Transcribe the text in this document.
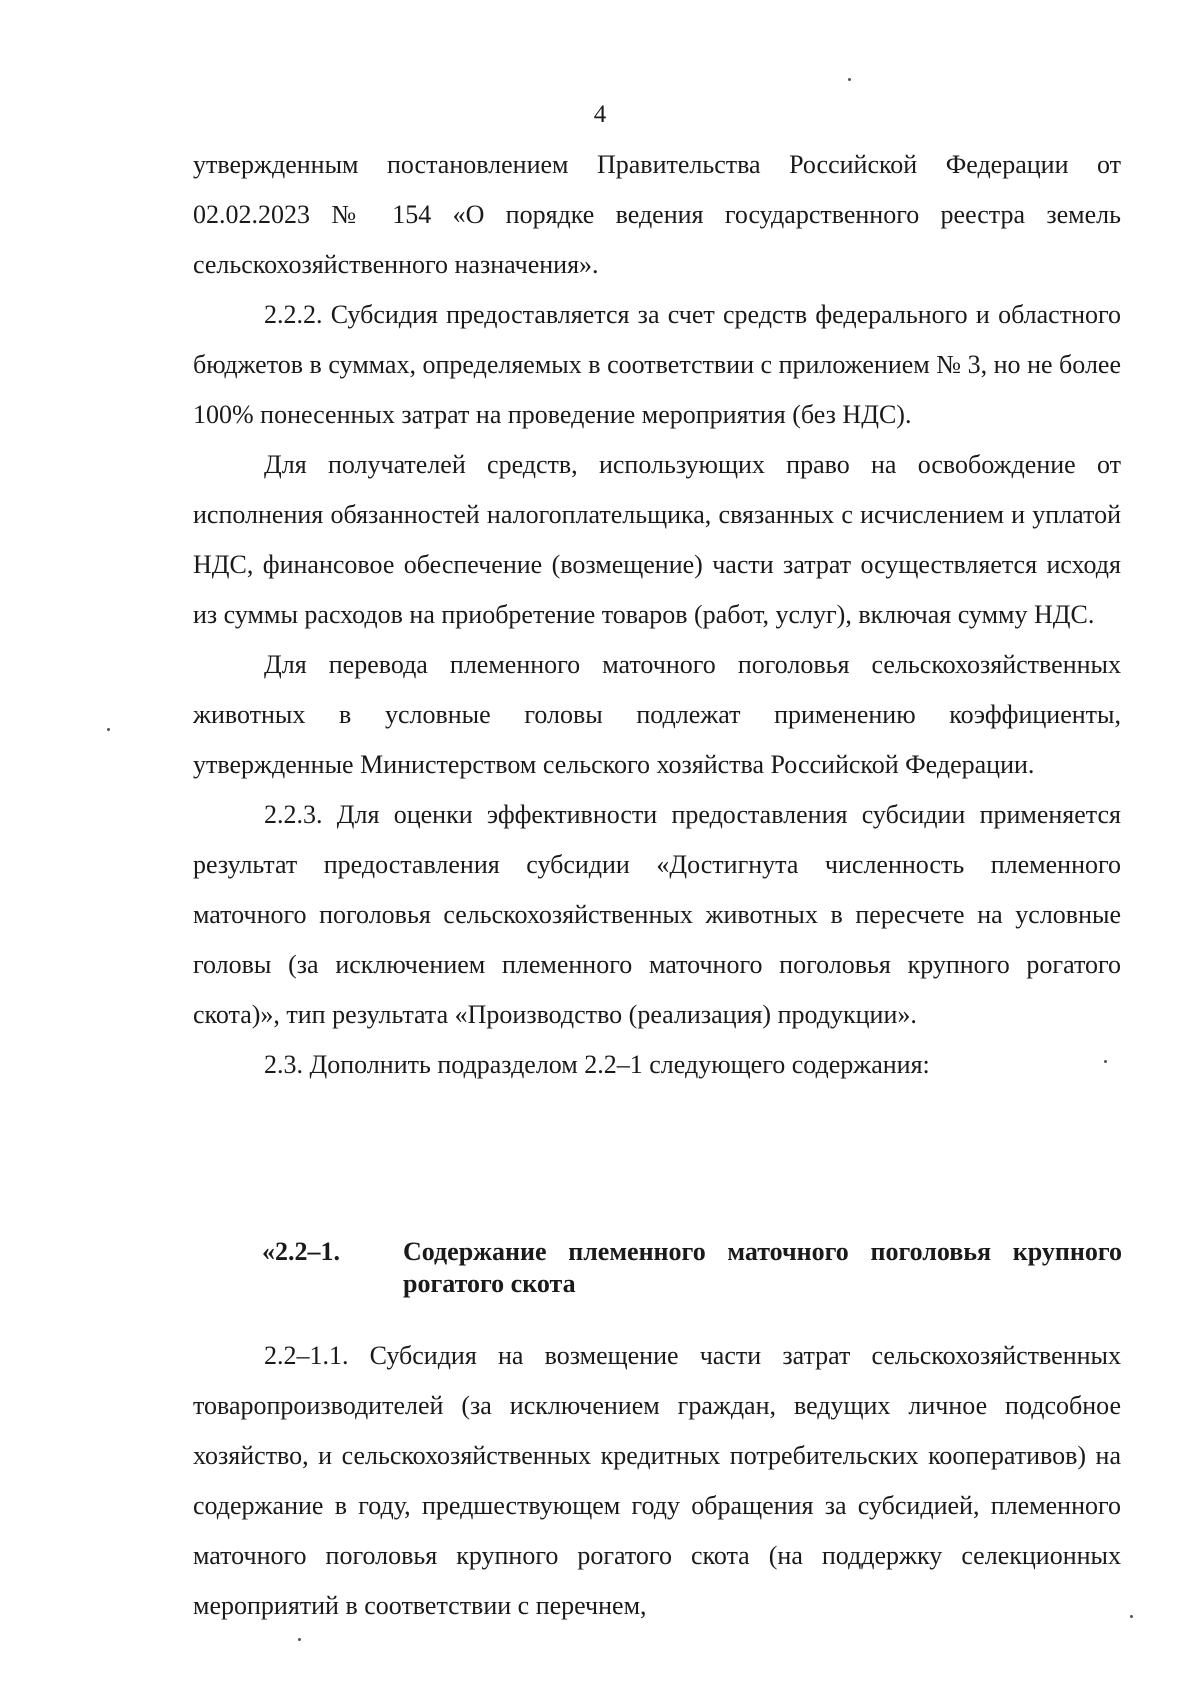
4

утвержденным постановлением Правительства Российской Федерации от 02.02.2023 № 154 «О порядке ведения государственного реестра земель сельскохозяйственного назначения».

2.2.2. Субсидия предоставляется за счет средств федерального и областного бюджетов в суммах, определяемых в соответствии с приложением № 3, но не более 100% понесенных затрат на проведение мероприятия (без НДС).

Для получателей средств, использующих право на освобождение от исполнения обязанностей налогоплательщика, связанных с исчислением и уплатой НДС, финансовое обеспечение (возмещение) части затрат осуществляется исходя из суммы расходов на приобретение товаров (работ, услуг), включая сумму НДС.

Для перевода племенного маточного поголовья сельскохозяйственных животных в условные головы подлежат применению коэффициенты, утвержденные Министерством сельского хозяйства Российской Федерации.

2.2.3. Для оценки эффективности предоставления субсидии применяется результат предоставления субсидии «Достигнута численность племенного маточного поголовья сельскохозяйственных животных в пересчете на условные головы (за исключением племенного маточного поголовья крупного рогатого скота)», тип результата «Производство (реализация) продукции».

2.3. Дополнить подразделом 2.2–1 следующего содержания:

«2.2–1. Содержание племенного маточного поголовья крупного рогатого скота

2.2–1.1. Субсидия на возмещение части затрат сельскохозяйственных товаропроизводителей (за исключением граждан, ведущих личное подсобное хозяйство, и сельскохозяйственных кредитных потребительских кооперативов) на содержание в году, предшествующем году обращения за субсидией, племенного маточного поголовья крупного рогатого скота (на поддержку селекционных мероприятий в соответствии с перечнем,
